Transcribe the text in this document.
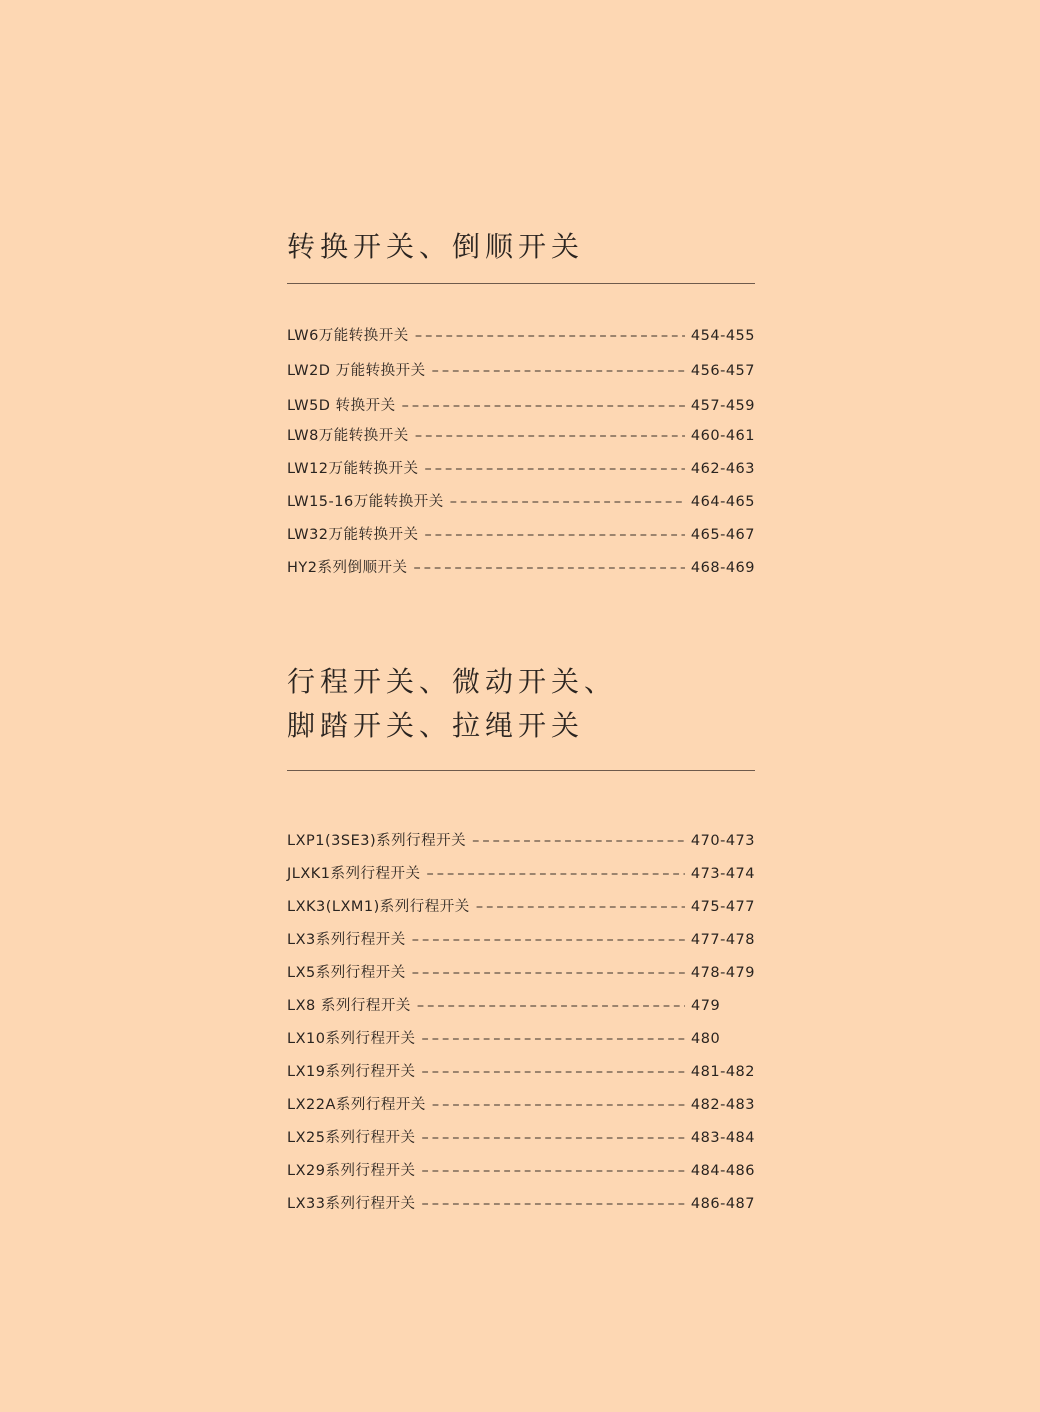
转换开关、倒顺开关
LW6万能转换开关 –––––	454-455
LW2D 万能转换开关 –––––	456-457
LW5D 转换开关 –––––	457-459
LW8万能转换开关 –––––	460-461
LW12万能转换开关 –––––	462-463
LW15-16万能转换开关 –––––	464-465
LW32万能转换开关 –––––	465-467
HY2系列倒顺开关 –––––	468-469
行程开关、微动开关、
脚踏开关、拉绳开关
LXP1(3SE3)系列行程开关 –––––	470-473
JLXK1系列行程开关 –––––	473-474
LXK3(LXM1)系列行程开关 –––––	475-477
LX3系列行程开关 –––––	477-478
LX5系列行程开关 –––––	478-479
LX8 系列行程开关 –––––	479
LX10系列行程开关 –––––	480
LX19系列行程开关 –––––	481-482
LX22A系列行程开关 –––––	482-483
LX25系列行程开关 –––––	483-484
LX29系列行程开关 –––––	484-486
LX33系列行程开关 –––––	486-487
